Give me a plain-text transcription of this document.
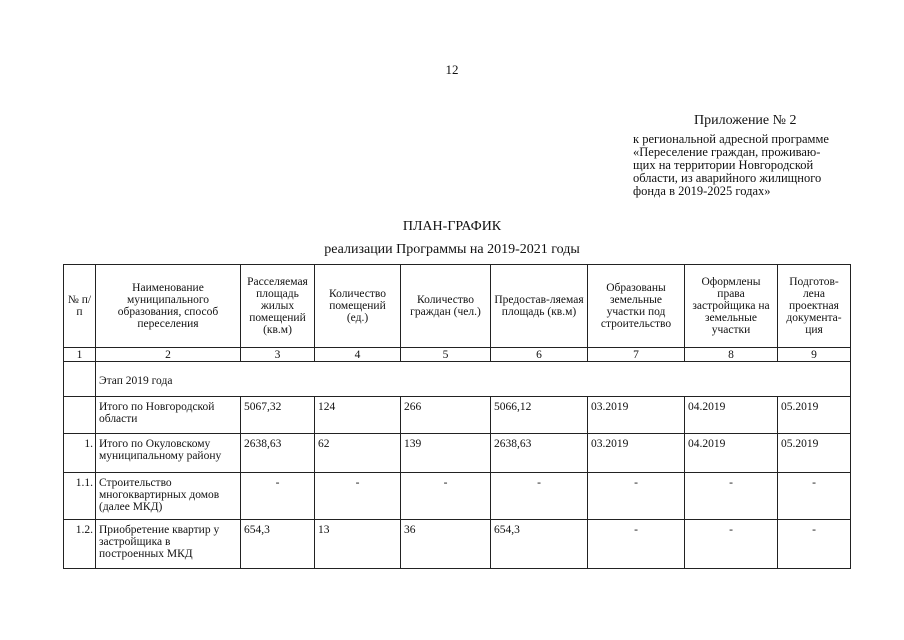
12
Приложение № 2
к региональной адресной программе
«Переселение граждан, проживаю-
щих на территории Новгородской
области, из аварийного жилищного
фонда в 2019-2025 годах»
ПЛАН-ГРАФИК
реализации Программы на 2019-2021 годы
№ п/п	Наименование муниципального образования, способ переселения	Расселяемая площадь жилых помещений (кв.м)	Количество помещений (ед.)	Количество граждан (чел.)	Предостав-ляемая площадь (кв.м)	Образованы земельные участки под строительство	Оформлены права застройщика на земельные участки	Подготов-лена проектная документа-ция
1	2	3	4	5	6	7	8	9
	Этап 2019 года							
	Итого по Новгородской области	5067,32	124	266	5066,12	03.2019	04.2019	05.2019
1.	Итого по Окуловскому муниципальному району	2638,63	62	139	2638,63	03.2019	04.2019	05.2019
1.1.	Строительство многоквартирных домов (далее МКД)	-	-	-	-	-	-	-
1.2.	Приобретение квартир у застройщика в построенных МКД	654,3	13	36	654,3	-	-	-
